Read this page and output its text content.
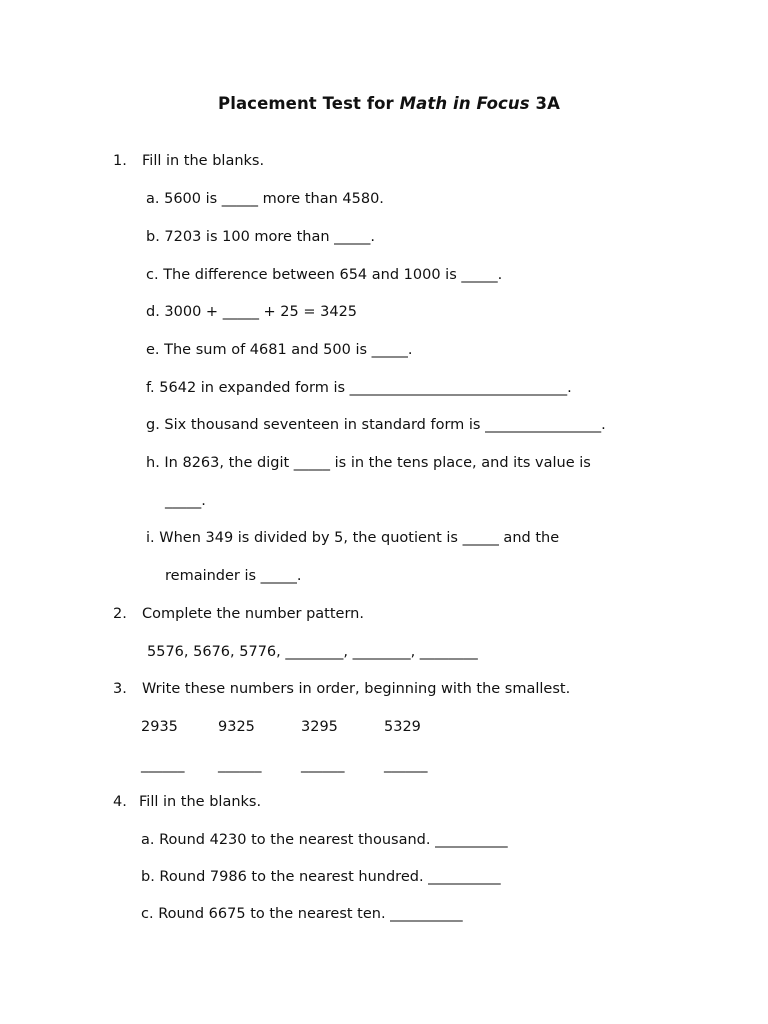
Placement Test for Math in Focus 3A
1. Fill in the blanks.
a. 5600 is _____ more than 4580.
b. 7203 is 100 more than _____.
c. The difference between 654 and 1000 is _____.
d. 3000 + _____ + 25 = 3425
e. The sum of 4681 and 500 is _____.
f. 5642 in expanded form is ______________________________.
g. Six thousand seventeen in standard form is ________________.
h. In 8263, the digit _____ is in the tens place, and its value is
_____.
i. When 349 is divided by 5, the quotient is _____ and the
remainder is _____.
2. Complete the number pattern.
5576, 5676, 5776, ________, ________, ________
3. Write these numbers in order, beginning with the smallest.
2935	9325	3295	5329
______ ______	______	______
4. Fill in the blanks.
a. Round 4230 to the nearest thousand. __________
b. Round 7986 to the nearest hundred. __________
c. Round 6675 to the nearest ten. __________
